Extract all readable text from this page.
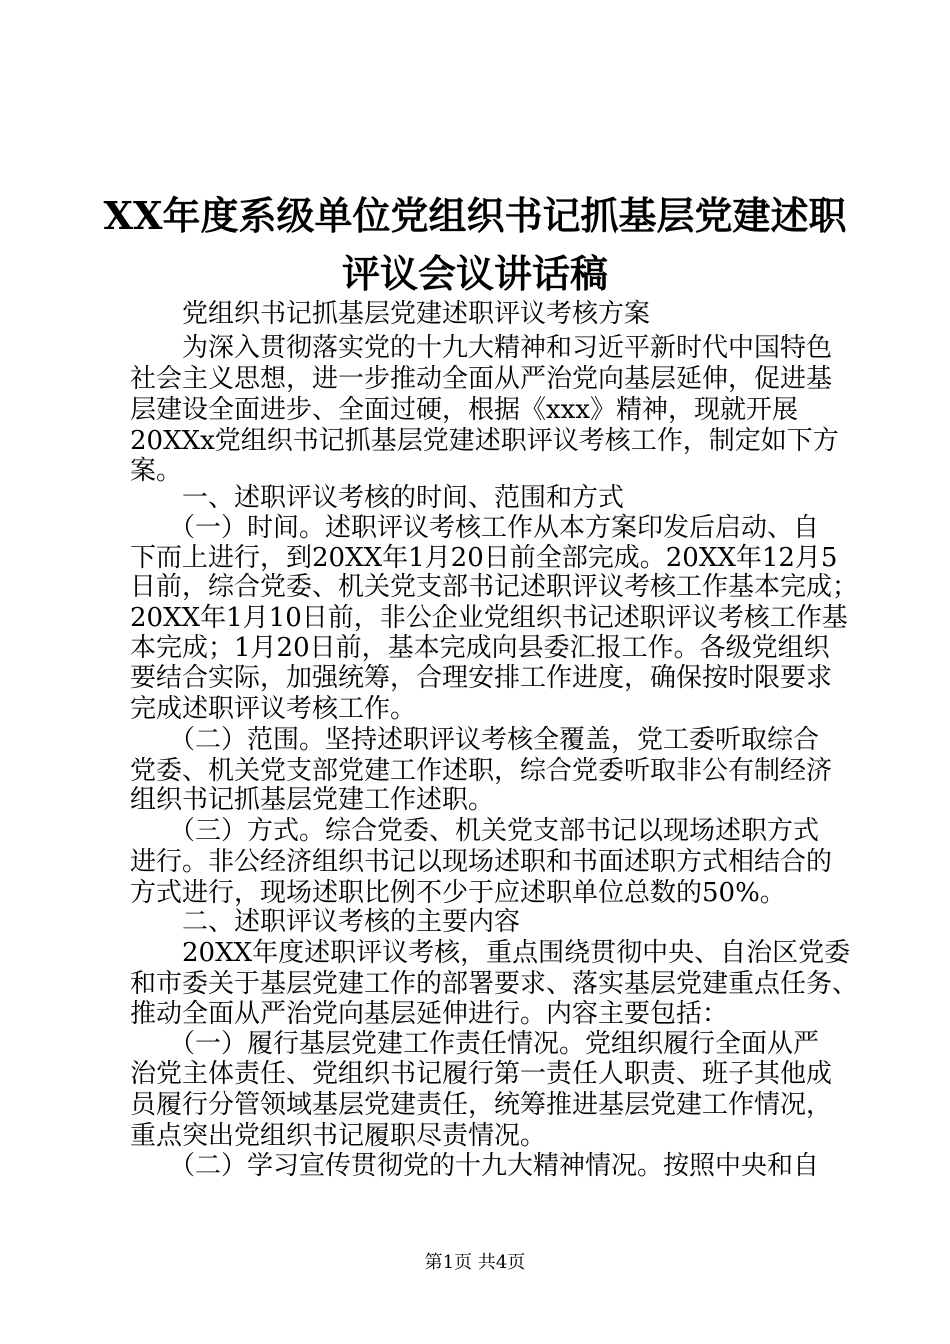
XX年度系级单位党组织书记抓基层党建述职
评议会议讲话稿
　　党组织书记抓基层党建述职评议考核方案
　　为深入贯彻落实党的十九大精神和习近平新时代中国特色
社会主义思想，进一步推动全面从严治党向基层延伸，促进基
层建设全面进步、全面过硬，根据《xxx》精神，现就开展
20XXx党组织书记抓基层党建述职评议考核工作，制定如下方
案。
　　一、述职评议考核的时间、范围和方式
　　（一）时间。述职评议考核工作从本方案印发后启动、自
下而上进行，到20XX年1月20日前全部完成。20XX年12月5
日前，综合党委、机关党支部书记述职评议考核工作基本完成；
20XX年1月10日前，非公企业党组织书记述职评议考核工作基
本完成；1月20日前，基本完成向县委汇报工作。各级党组织
要结合实际，加强统筹，合理安排工作进度，确保按时限要求
完成述职评议考核工作。
　　（二）范围。坚持述职评议考核全覆盖，党工委听取综合
党委、机关党支部党建工作述职，综合党委听取非公有制经济
组织书记抓基层党建工作述职。
　　（三）方式。综合党委、机关党支部书记以现场述职方式
进行。非公经济组织书记以现场述职和书面述职方式相结合的
方式进行，现场述职比例不少于应述职单位总数的50%。
　　二、述职评议考核的主要内容
　　20XX年度述职评议考核，重点围绕贯彻中央、自治区党委
和市委关于基层党建工作的部署要求、落实基层党建重点任务、
推动全面从严治党向基层延伸进行。内容主要包括：
　　（一）履行基层党建工作责任情况。党组织履行全面从严
治党主体责任、党组织书记履行第一责任人职责、班子其他成
员履行分管领域基层党建责任，统筹推进基层党建工作情况，
重点突出党组织书记履职尽责情况。
　　（二）学习宣传贯彻党的十九大精神情况。按照中央和自
第1页 共4页
